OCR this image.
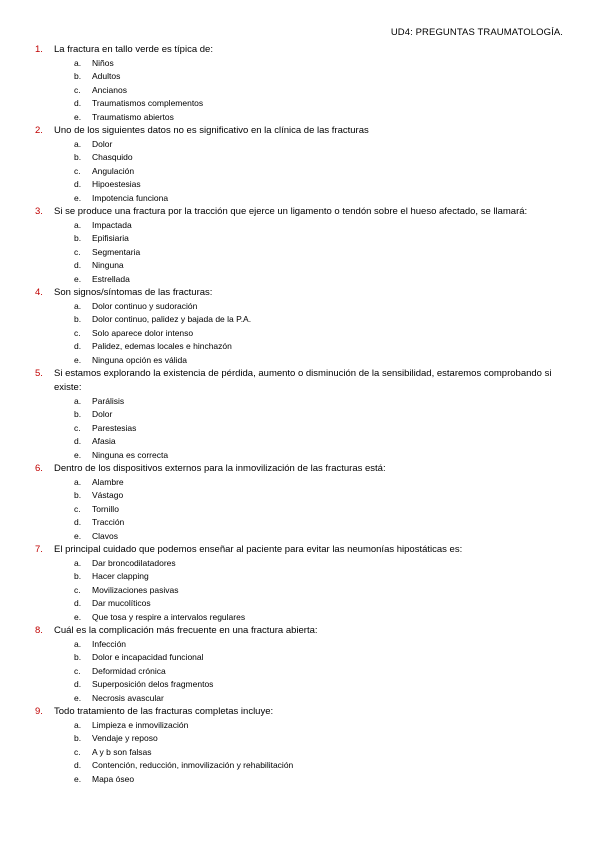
UD4: PREGUNTAS TRAUMATOLOGÍA.
1.	La fractura en tallo verde es típica de:
a.	Niños
b.	Adultos
c.	Ancianos
d.	Traumatismos complementos
e.	Traumatismo abiertos
2.	Uno de los siguientes datos no es significativo en la clínica de las fracturas
a.	Dolor
b.	Chasquido
c.	Angulación
d.	Hipoestesias
e.	Impotencia funciona
3.	Si se produce una fractura por la tracción que ejerce un ligamento o tendón sobre el hueso afectado, se llamará:
a.	Impactada
b.	Epifisiaria
c.	Segmentaria
d.	Ninguna
e.	Estrellada
4.	Son signos/síntomas de las fracturas:
a.	Dolor continuo y sudoración
b.	Dolor continuo, palidez y bajada de la P.A.
c.	Solo aparece dolor intenso
d.	Palidez, edemas locales e hinchazón
e.	Ninguna opción es válida
5.	Si estamos explorando la existencia de pérdida, aumento o disminución de la sensibilidad, estaremos comprobando si existe:
a.	Parálisis
b.	Dolor
c.	Parestesias
d.	Afasia
e.	Ninguna es correcta
6.	Dentro de los dispositivos externos para la inmovilización de las fracturas está:
a.	Alambre
b.	Vástago
c.	Tornillo
d.	Tracción
e.	Clavos
7.	El principal cuidado que podemos enseñar al paciente para evitar las neumonías hipostáticas es:
a.	Dar broncodilatadores
b.	Hacer clapping
c.	Movilizaciones pasivas
d.	Dar mucolíticos
e.	Que tosa y respire a intervalos regulares
8.	Cuál es la complicación más frecuente en una fractura abierta:
a.	Infección
b.	Dolor e incapacidad funcional
c.	Deformidad crónica
d.	Superposición delos fragmentos
e.	Necrosis avascular
9.	Todo tratamiento de las fracturas completas incluye:
a.	Limpieza e inmovilización
b.	Vendaje y reposo
c.	A y b son falsas
d.	Contención, reducción, inmovilización y rehabilitación
e.	Mapa óseo
